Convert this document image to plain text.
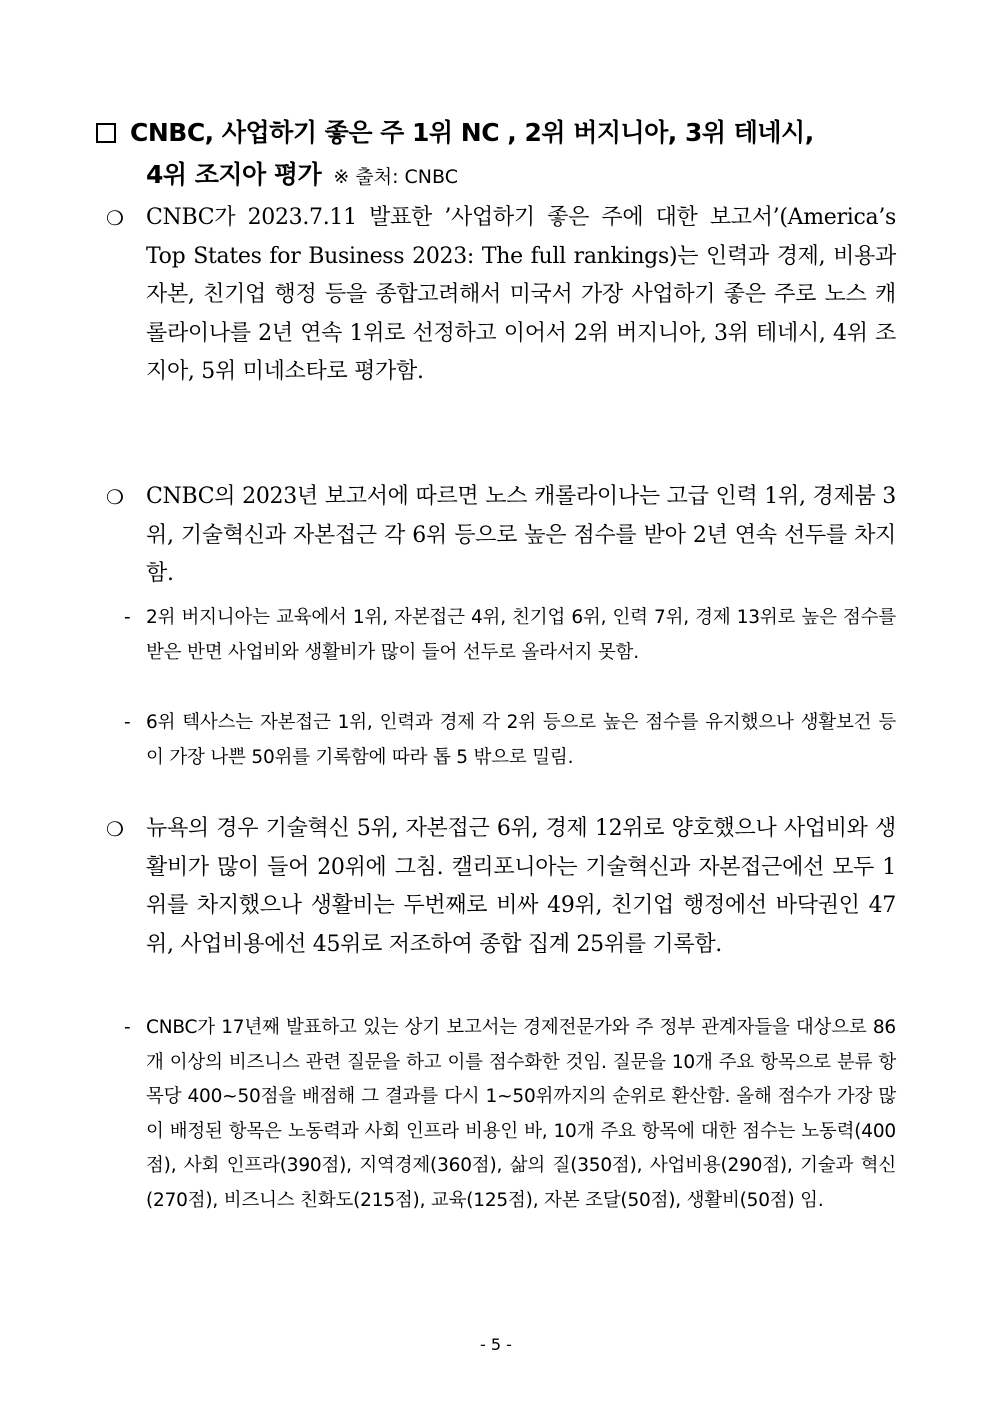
CNBC, 사업하기 좋은 주 1위 NC , 2위 버지니아, 3위 테네시,
4위 조지아 평가 ※ 출처: CNBC
❍	CNBC가 2023.7.11 발표한 ’사업하기 좋은 주에 대한 보고서’(America’s Top States for Business 2023: The full rankings)는 인력과 경제, 비용과 자본, 친기업 행정 등을 종합고려해서 미국서 가장 사업하기 좋은 주로 노스 캐롤라이나를 2년 연속 1위로 선정하고 이어서 2위 버지니아, 3위 테네시, 4위 조지아, 5위 미네소타로 평가함.
❍	CNBC의 2023년 보고서에 따르면 노스 캐롤라이나는 고급 인력 1위, 경제붐 3위, 기술혁신과 자본접근 각 6위 등으로 높은 점수를 받아 2년 연속 선두를 차지함.
- 2위 버지니아는 교육에서 1위, 자본접근 4위, 친기업 6위, 인력 7위, 경제 13위로 높은 점수를 받은 반면 사업비와 생활비가 많이 들어 선두로 올라서지 못함.
- 6위 텍사스는 자본접근 1위, 인력과 경제 각 2위 등으로 높은 점수를 유지했으나 생활보건 등이 가장 나쁜 50위를 기록함에 따라 톱 5 밖으로 밀림.
❍	뉴욕의 경우 기술혁신 5위, 자본접근 6위, 경제 12위로 양호했으나 사업비와 생활비가 많이 들어 20위에 그침. 캘리포니아는 기술혁신과 자본접근에선 모두 1위를 차지했으나 생활비는 두번째로 비싸 49위, 친기업 행정에선 바닥권인 47위, 사업비용에선 45위로 저조하여 종합 집계 25위를 기록함.
- CNBC가 17년째 발표하고 있는 상기 보고서는 경제전문가와 주 정부 관계자들을 대상으로 86개 이상의 비즈니스 관련 질문을 하고 이를 점수화한 것임. 질문을 10개 주요 항목으로 분류 항목당 400~50점을 배점해 그 결과를 다시 1~50위까지의 순위로 환산함. 올해 점수가 가장 많이 배정된 항목은 노동력과 사회 인프라 비용인 바, 10개 주요 항목에 대한 점수는 노동력(400점), 사회 인프라(390점), 지역경제(360점), 삶의 질(350점), 사업비용(290점), 기술과 혁신(270점), 비즈니스 친화도(215점), 교육(125점), 자본 조달(50점), 생활비(50점) 임.
- 5 -
